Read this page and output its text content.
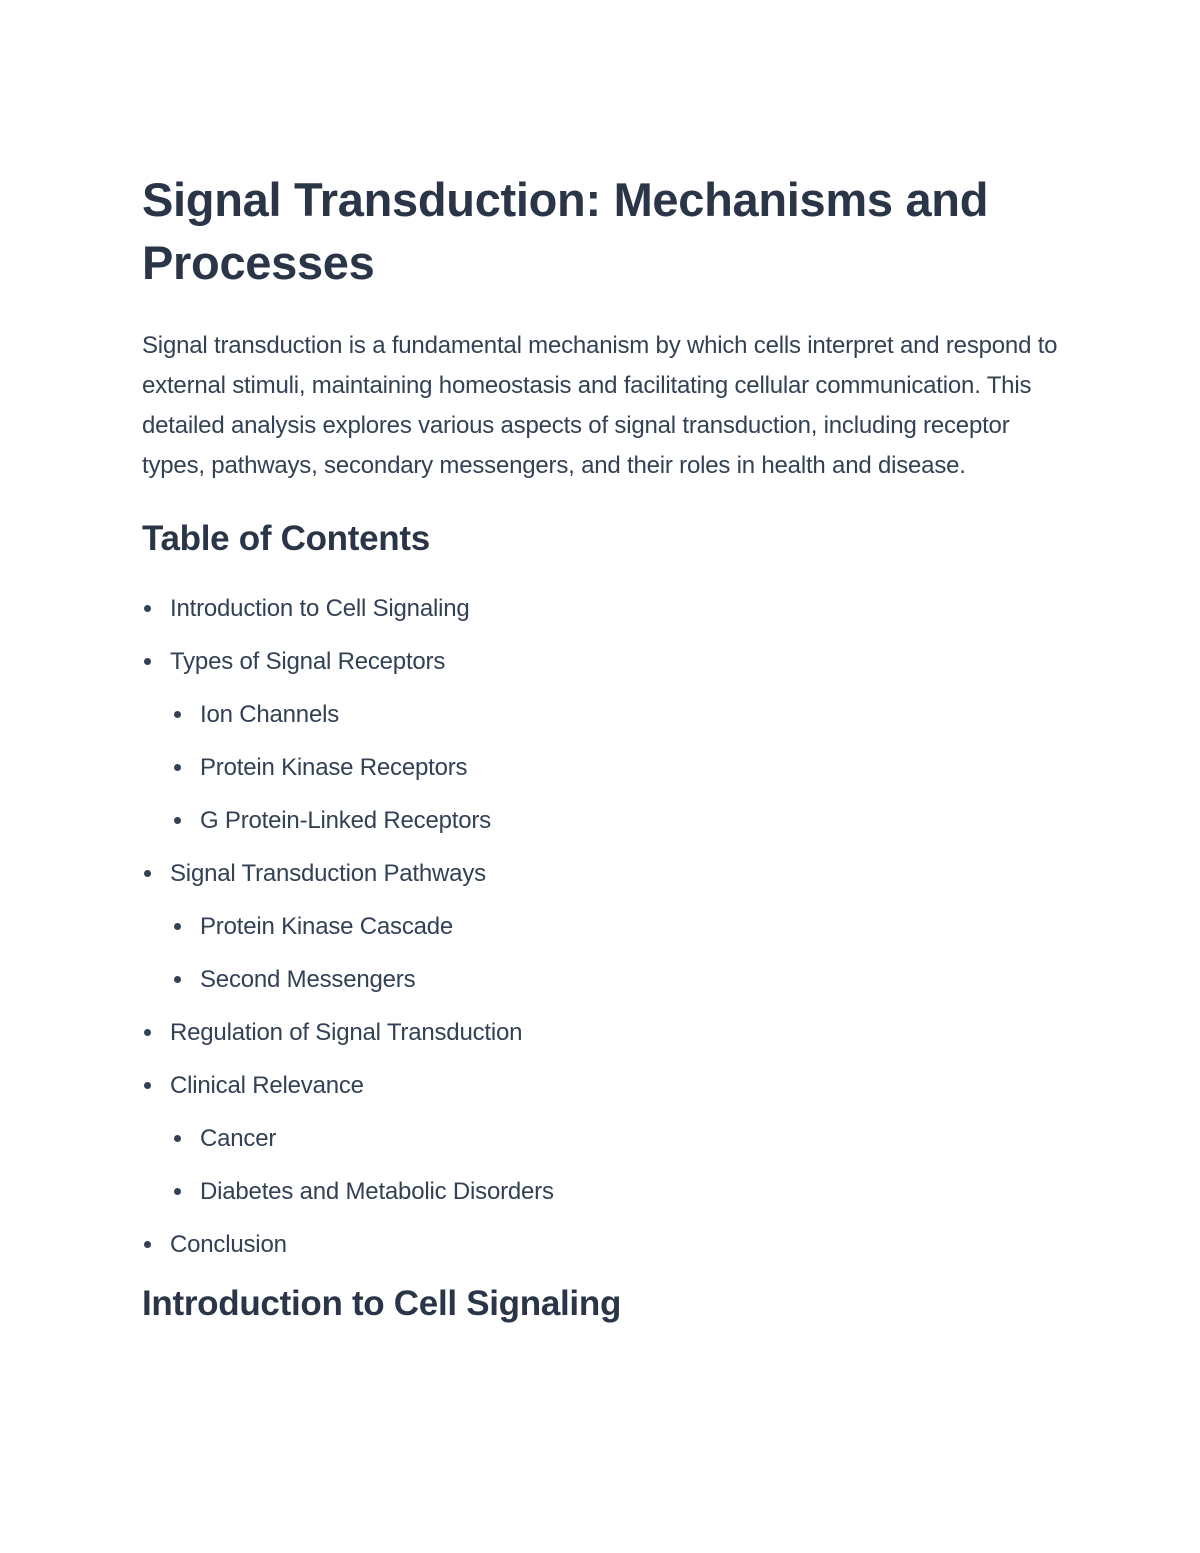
Signal Transduction: Mechanisms and Processes

Signal transduction is a fundamental mechanism by which cells interpret and respond to external stimuli, maintaining homeostasis and facilitating cellular communication. This detailed analysis explores various aspects of signal transduction, including receptor types, pathways, secondary messengers, and their roles in health and disease.

Table of Contents
Introduction to Cell Signaling
Types of Signal Receptors
Ion Channels
Protein Kinase Receptors
G Protein-Linked Receptors
Signal Transduction Pathways
Protein Kinase Cascade
Second Messengers
Regulation of Signal Transduction
Clinical Relevance
Cancer
Diabetes and Metabolic Disorders
Conclusion
Introduction to Cell Signaling
